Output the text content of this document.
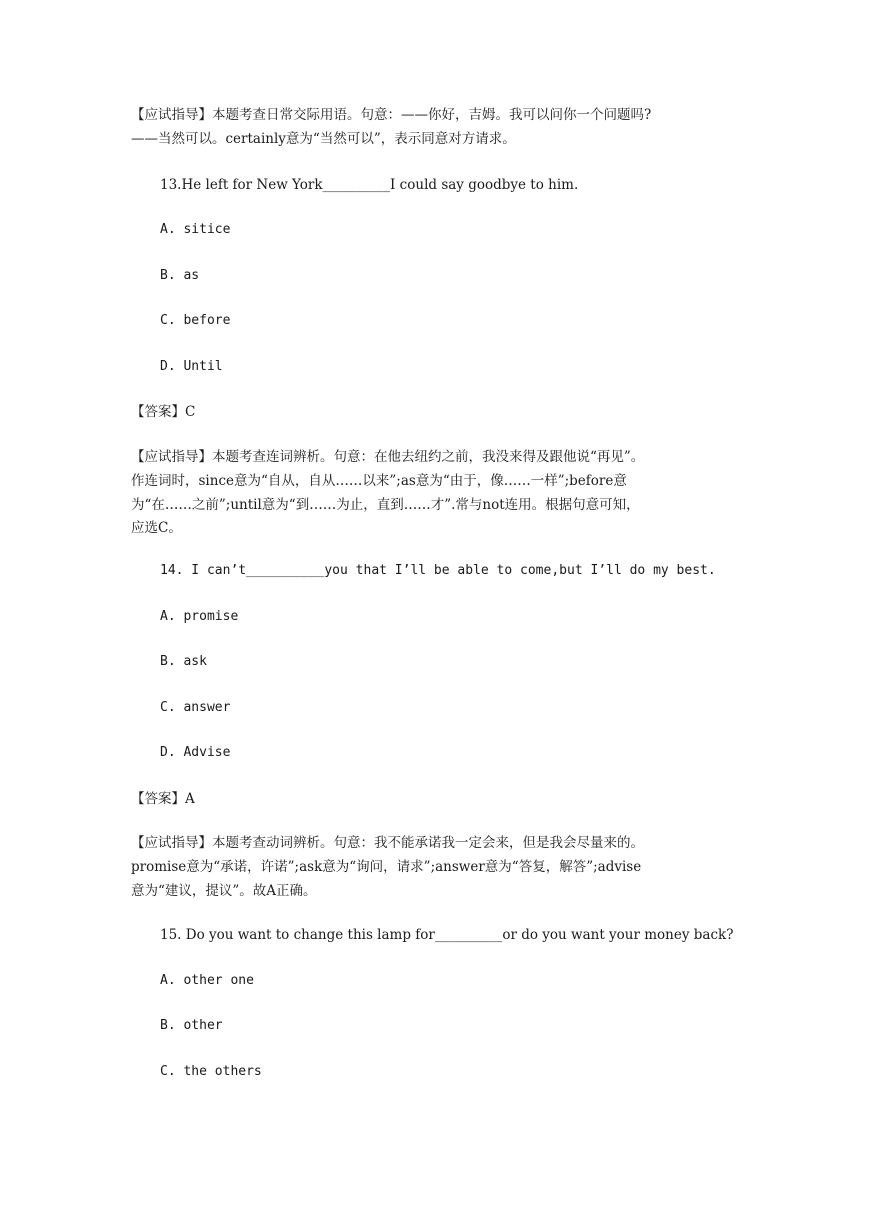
【应试指导】本题考查日常交际用语。句意：——你好，吉姆。我可以问你一个问题吗?
——当然可以。certainly意为“当然可以”，表示同意对方请求。
13.He left for New York__________I could say goodbye to him.
A. sitice
B. as
C. before
D. Until
【答案】C
【应试指导】本题考查连词辨析。句意：在他去纽约之前，我没来得及跟他说“再见”。
作连词时，since意为“自从，自从……以来”;as意为“由于，像……一样”;before意
为“在……之前”;until意为“到……为止，直到……才”.常与not连用。根据句意可知，
应选C。
14. I can’t__________you that I’ll be able to come,but I’ll do my best.
A. promise
B. ask
C. answer
D. Advise
【答案】A
【应试指导】本题考查动词辨析。句意：我不能承诺我一定会来，但是我会尽量来的。
promise意为“承诺，许诺”;ask意为“询问，请求”;answer意为“答复，解答”;advise
意为“建议，提议”。故A正确。
15. Do you want to change this lamp for__________or do you want your money back?
A. other one
B. other
C. the others
